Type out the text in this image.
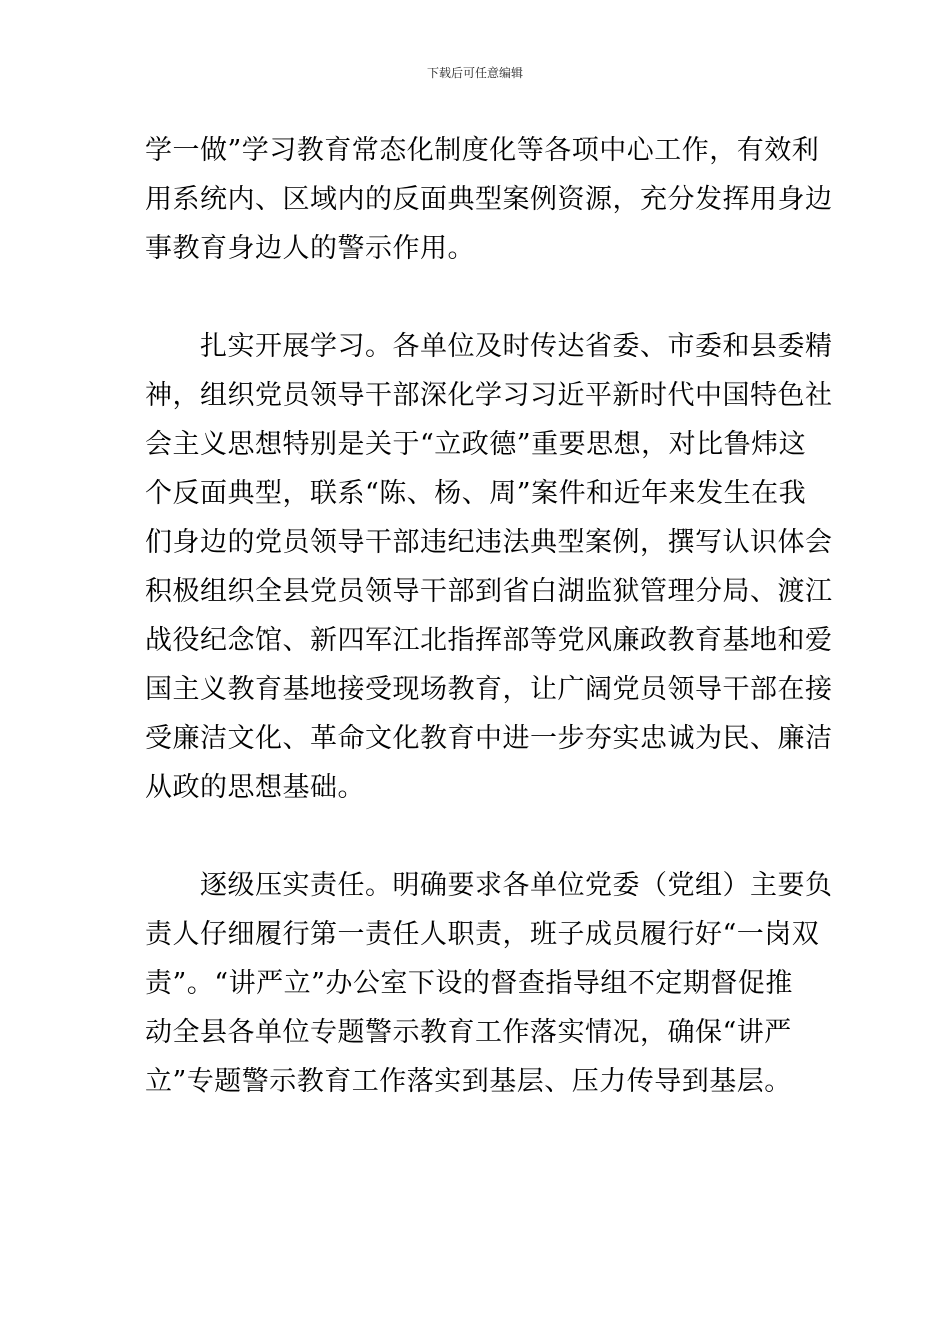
下载后可任意编辑
学一做”学习教育常态化制度化等各项中心工作，有效利
用系统内、区域内的反面典型案例资源，充分发挥用身边
事教育身边人的警示作用。
　　扎实开展学习。各单位及时传达省委、市委和县委精
神，组织党员领导干部深化学习习近平新时代中国特色社
会主义思想特别是关于“立政德”重要思想，对比鲁炜这
个反面典型，联系“陈、杨、周”案件和近年来发生在我
们身边的党员领导干部违纪违法典型案例，撰写认识体会
积极组织全县党员领导干部到省白湖监狱管理分局、渡江
战役纪念馆、新四军江北指挥部等党风廉政教育基地和爱
国主义教育基地接受现场教育，让广阔党员领导干部在接
受廉洁文化、革命文化教育中进一步夯实忠诚为民、廉洁
从政的思想基础。
　　逐级压实责任。明确要求各单位党委（党组）主要负
责人仔细履行第一责任人职责，班子成员履行好“一岗双
责”。“讲严立”办公室下设的督查指导组不定期督促推
动全县各单位专题警示教育工作落实情况，确保“讲严
立”专题警示教育工作落实到基层、压力传导到基层。
